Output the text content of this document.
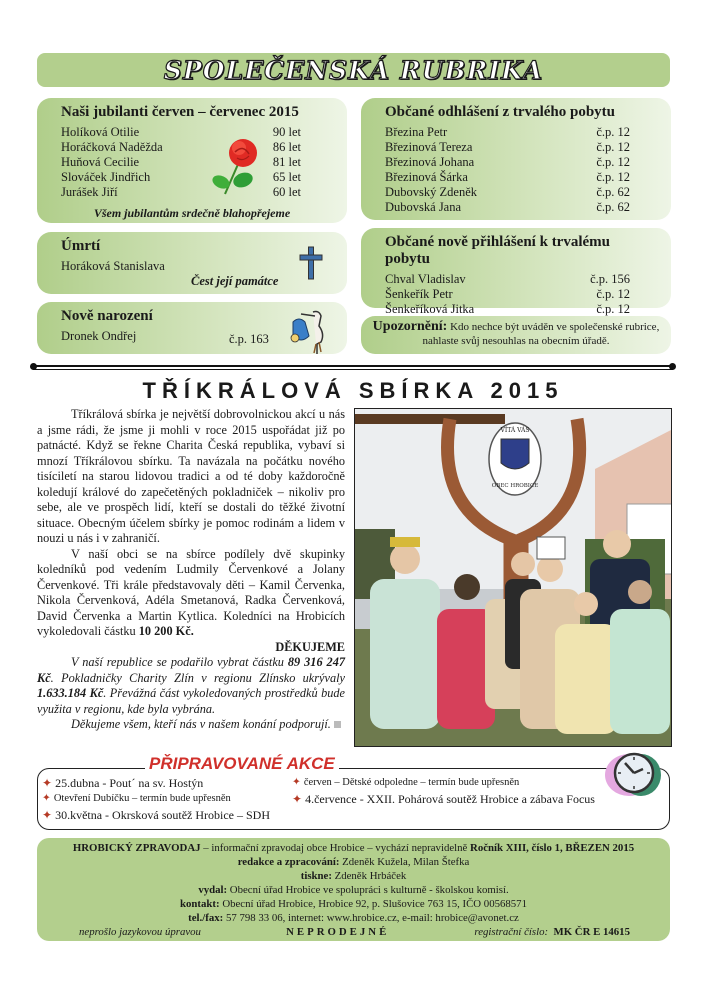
SPOLEČENSKÁ RUBRIKA
Naši jubilanti červen – červenec 2015
Holíková Otilie	90 let
Horáčková Naděžda	86 let
Huňová Cecilie	81 let
Slováček Jindřich	65 let
Jurášek Jiří	60 let
Všem jubilantům srdečně blahopřejeme
Občané odhlášení z trvalého pobytu
Březina Petr	č.p. 12
Březinová Tereza	č.p. 12
Březinová Johana	č.p. 12
Březinová Šárka	č.p. 12
Dubovský Zdeněk	č.p. 62
Dubovská Jana	č.p. 62
Úmrtí
Horáková Stanislava
Čest její památce
Nově narození
Dronek Ondřej	č.p. 163
Občané nově přihlášení k trvalému pobytu
Chval Vladislav	č.p. 156
Šenkeřík Petr	č.p. 12
Šenkeříková Jitka	č.p. 12
Upozornění: Kdo nechce být uváděn ve společenské rubrice, nahlaste svůj nesouhlas na obecním úřadě.
TŘÍKRÁLOVÁ SBÍRKA 2015

Tříkrálová sbírka je největší dobrovolnickou akcí u nás a jsme rádi, že jsme ji mohli v roce 2015 uspořádat již po patnácté. Když se řekne Charita Česká republika, vybaví si mnozí Tříkrálovou sbírku. Ta navázala na počátku nového tisíciletí na starou lidovou tradici a od té doby každoročně koledují králové do zapečetěných pokladniček – nikoliv pro sebe, ale ve prospěch lidí, kteří se dostali do těžké životní situace. Obecným účelem sbírky je pomoc rodinám a lidem v nouzi u nás i v zahraničí.

V naší obci se na sbírce podílely dvě skupinky koledníků pod vedením Ludmily Červenkové a Jolany Červenkové. Tři krále představovaly děti – Kamil Červenka, Nikola Červenková, Adéla Smetanová, Radka Červenková, David Červenka a Martin Kytlica. Koledníci na Hrobicích vykoledovali částku 10 200 Kč.

DĚKUJEME

V naší republice se podařilo vybrat částku 89 316 247 Kč. Pokladničky Charity Zlín v regionu Zlínsko ukrývaly 1.633.184 Kč. Převážná část vykoledovaných prostředků bude využita v regionu, kde byla vybrána.

Děkujeme všem, kteří nás v našem konání podporují.

VÍTÁ VÁS
OBEC HROBICE
PŘIPRAVOVANÉ AKCE
✦ 25.dubna - Pout´ na sv. Hostýn
✦ Otevření Dubíčku – termín bude upřesněn
✦ 30.května - Okrsková soutěž Hrobice – SDH
✦ červen – Dětské odpoledne – termín bude upřesněn
✦ 4.července - XXII. Pohárová soutěž Hrobice a zábava Focus
HROBICKÝ ZPRAVODAJ – informační zpravodaj obce Hrobice – vychází nepravidelně Ročník XIII, číslo 1, BŘEZEN 2015
redakce a zpracování: Zdeněk Kužela, Milan Štefka
tiskne: Zdeněk Hrbáček
vydal: Obecní úřad Hrobice ve spolupráci s kulturně - školskou komisí.
kontakt: Obecní úřad Hrobice, Hrobice 92, p. Slušovice 763 15, IČO 00568571
tel./fax: 57 798 33 06, internet: www.hrobice.cz, e-mail: hrobice@avonet.cz
neprošlo jazykovou úpravou	NEPRODEJNÉ	registrační číslo: MK ČR E 14615
